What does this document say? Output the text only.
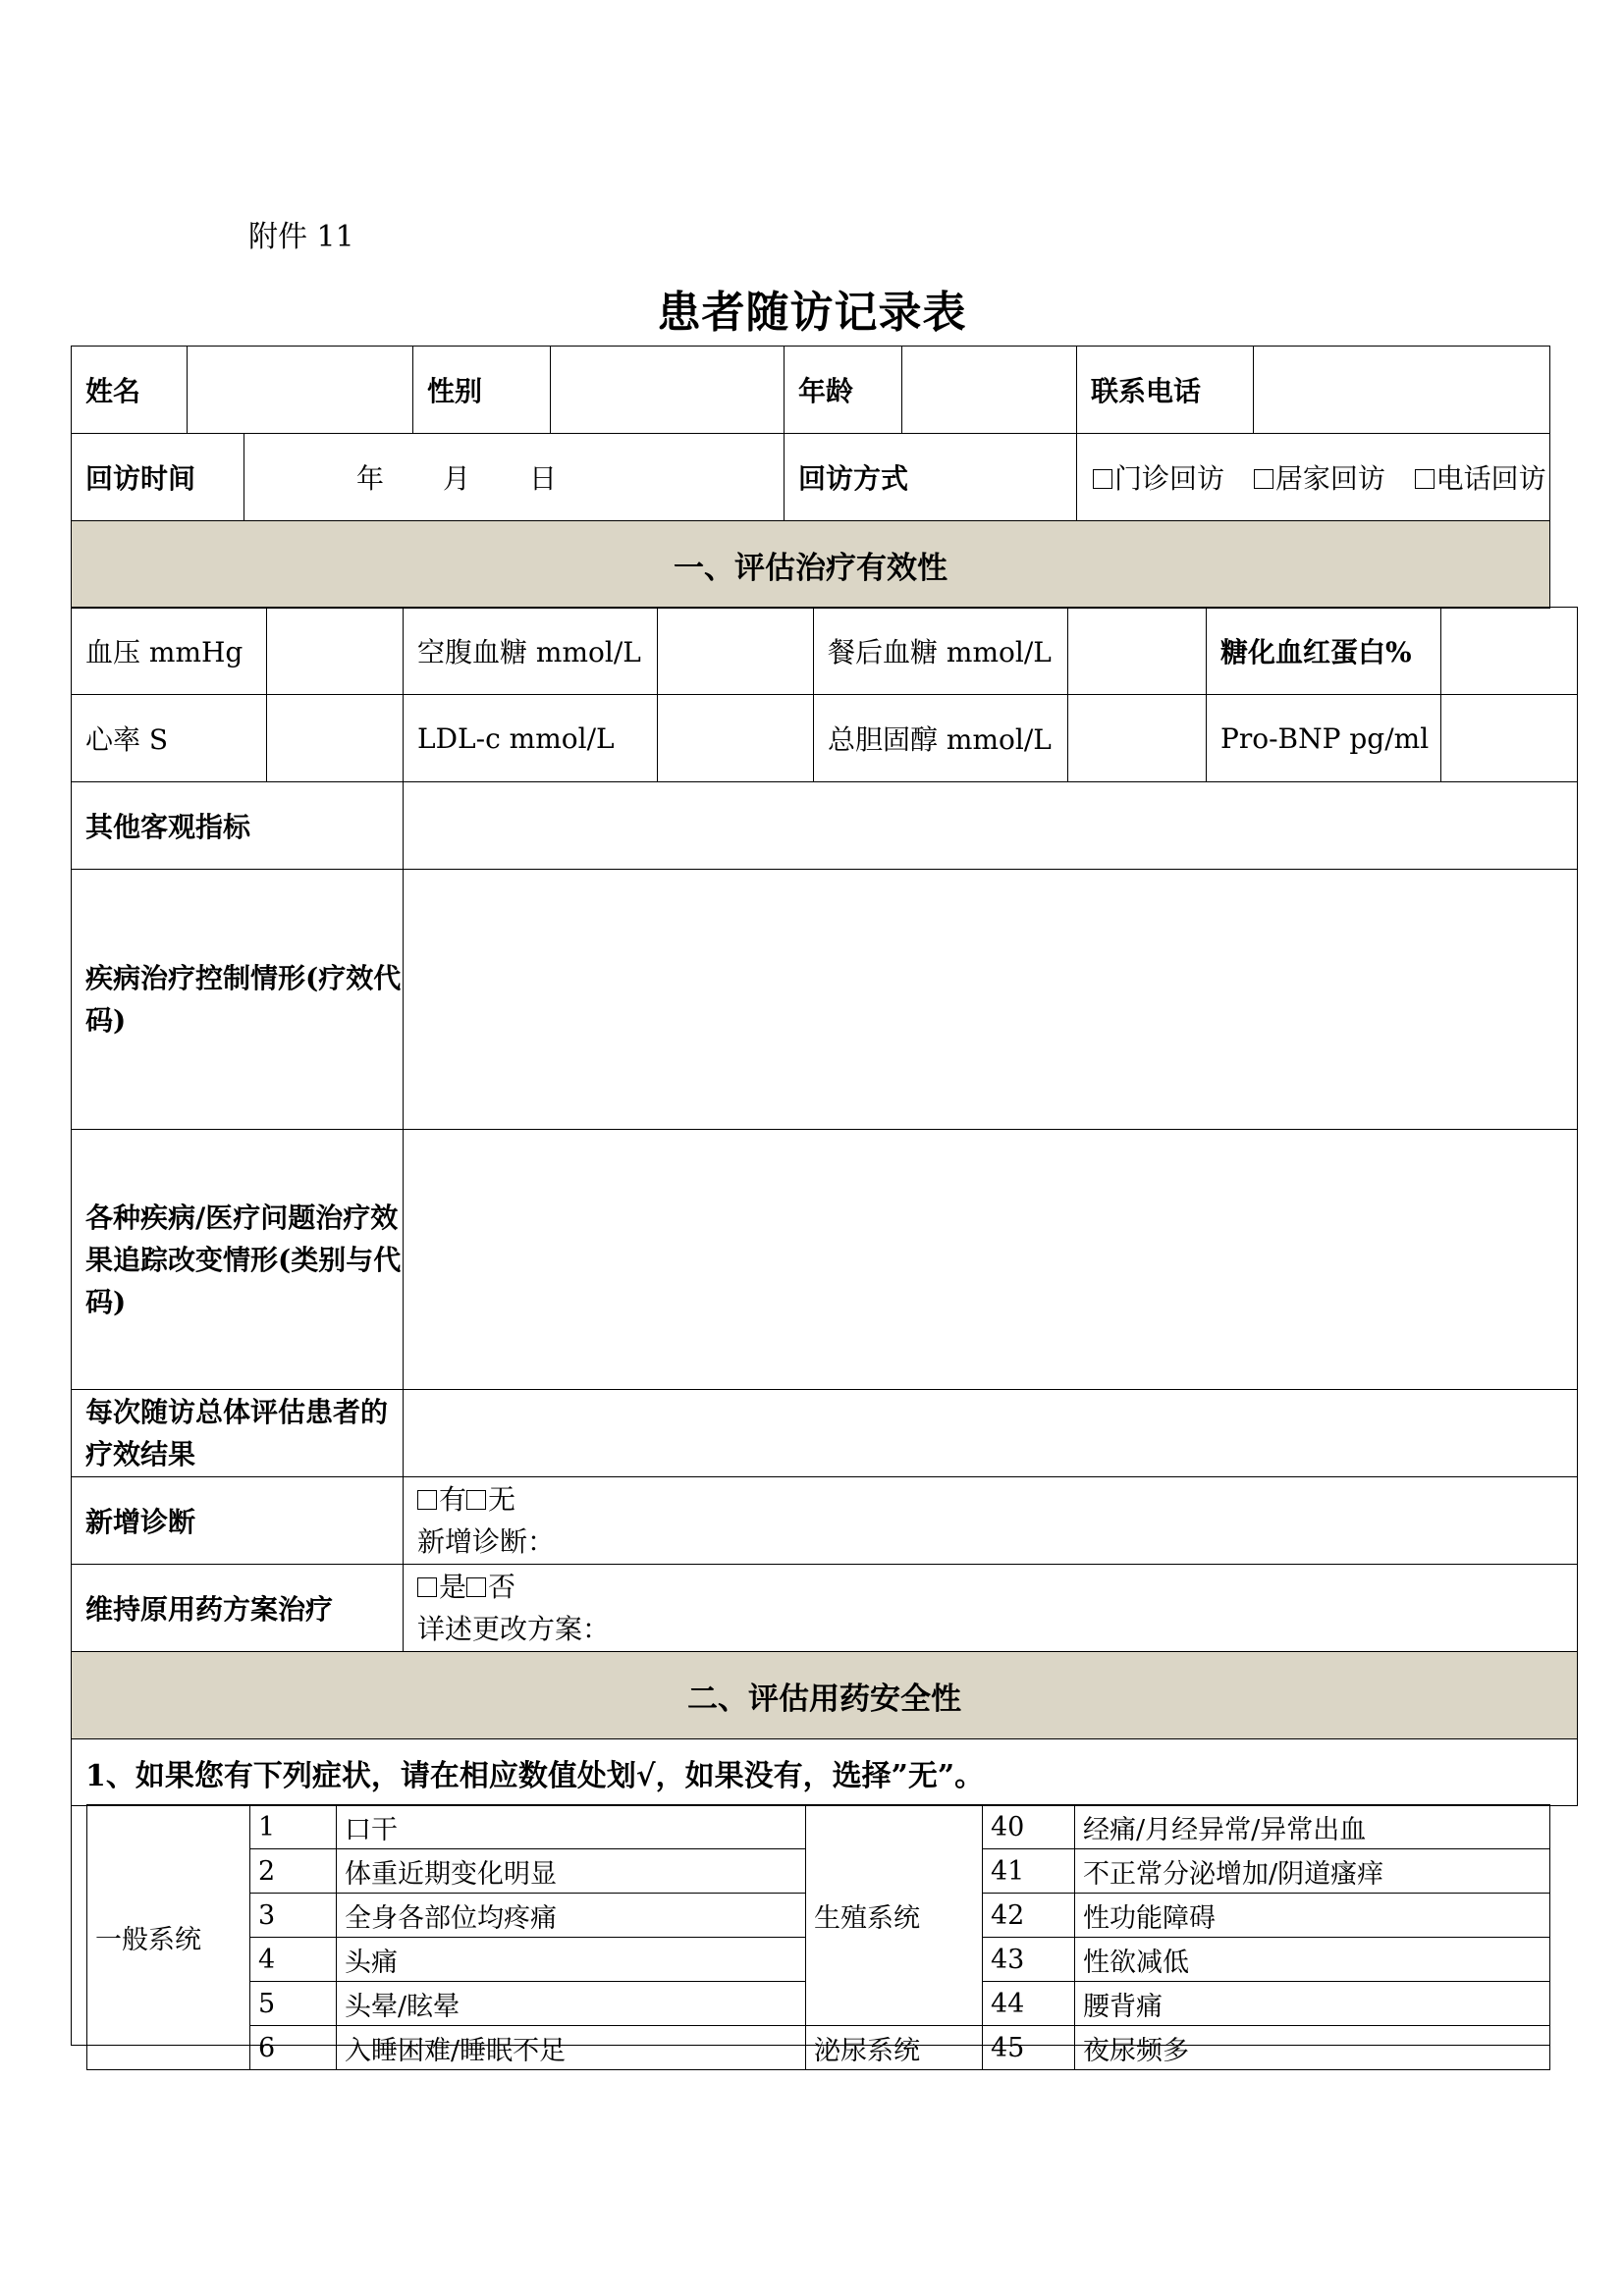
附件 11
患者随访记录表
姓名			性别		年龄		联系电话	
回访时间		年 月 日			回访方式		门诊回访 居家回访 电话回访	
一、评估治疗有效性								
血压 mmHg		空腹血糖 mmol/L		餐后血糖 mmol/L		糖化血红蛋白%	
心率 S		LDL-c mmol/L		总胆固醇 mmol/L		Pro-BNP pg/ml	
其他客观指标							
疾病治疗控制情形(疗效代码)							
各种疾病/医疗问题治疗效果追踪改变情形(类别与代码)							
每次随访总体评估患者的疗效结果							
新增诊断		有 无
新增诊断：					
维持原用药方案治疗		是 否
详述更改方案：					
二、评估用药安全性							
1、如果您有下列症状，请在相应数值处划√，如果没有，选择”无”。							
一般系统	1	口干	生殖系统	40	经痛/月经异常/异常出血
	2	体重近期变化明显		41	不正常分泌增加/阴道瘙痒
	3	全身各部位均疼痛		42	性功能障碍
	4	头痛		43	性欲减低
	5	头晕/眩晕		44	腰背痛
	6	入睡困难/睡眠不足	泌尿系统	45	夜尿频多
